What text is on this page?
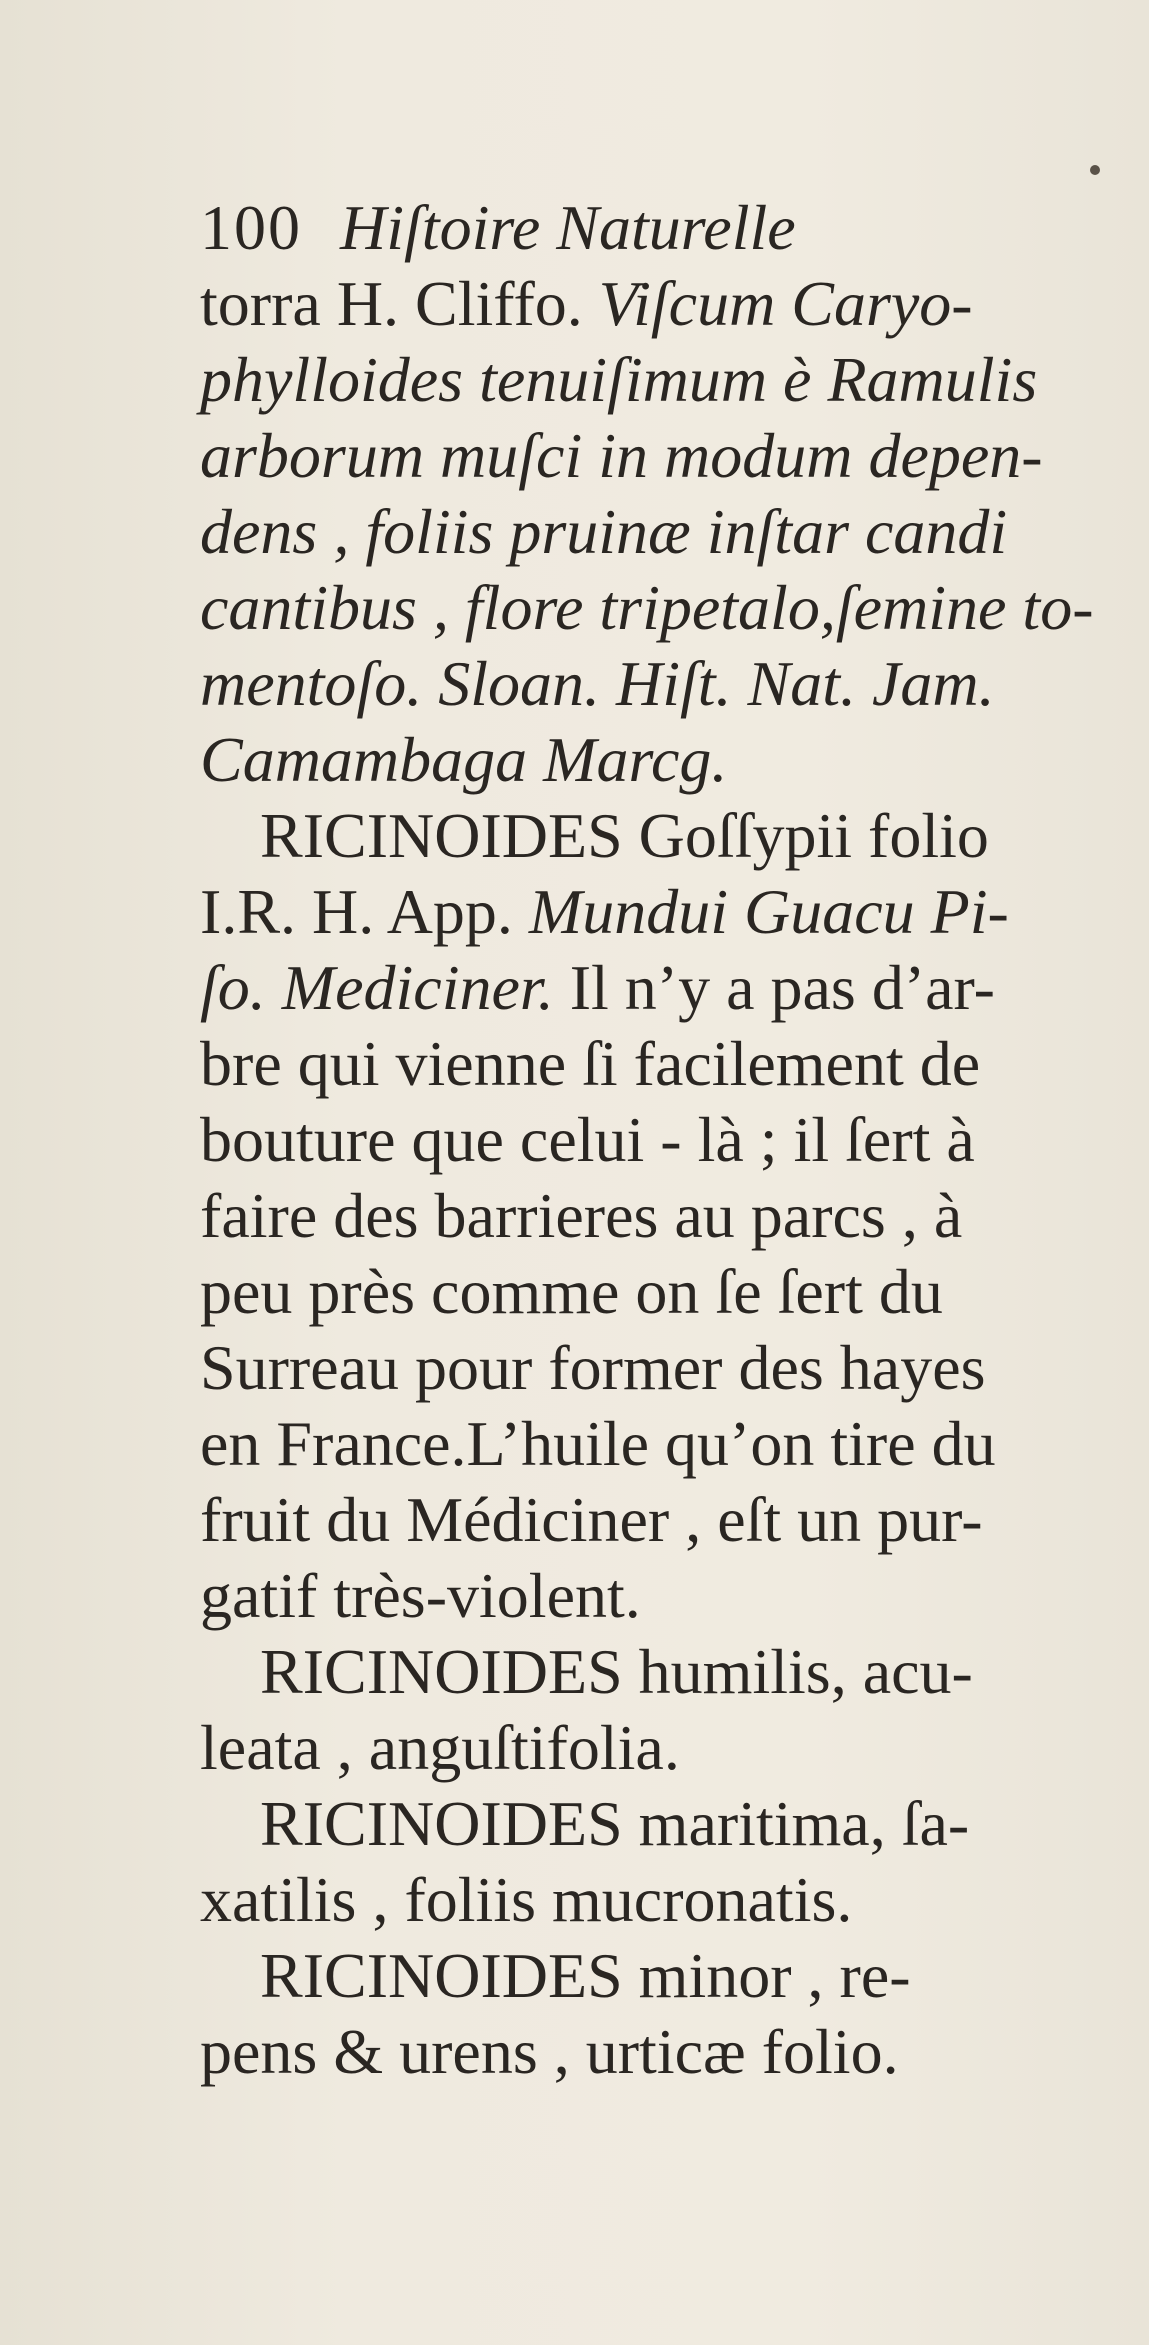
100 Hiſtoire Naturelle
torra H. Cliffo. Viſcum Caryo-
phylloides tenuiſimum è Ramulis
arborum muſci in modum depen-
dens , foliis pruinæ inſtar candi
cantibus , flore tripetalo,ſemine to-
mentoſo. Sloan. Hiſt. Nat. Jam.
Camambaga Marcg.
RICINOIDES Goſſypii folio
I.R. H. App. Mundui Guacu Pi-
ſo. Mediciner. Il n’y a pas d’ar-
bre qui vienne ſi facilement de
bouture que celui - là ; il ſert à
faire des barrieres au parcs , à
peu près comme on ſe ſert du
Surreau pour former des hayes
en France.L’huile qu’on tire du
fruit du Médiciner , eſt un pur-
gatif très-violent.
RICINOIDES humilis, acu-
leata , anguſtifolia.
RICINOIDES maritima, ſa-
xatilis , foliis mucronatis.
RICINOIDES minor , re-
pens & urens , urticæ folio.
